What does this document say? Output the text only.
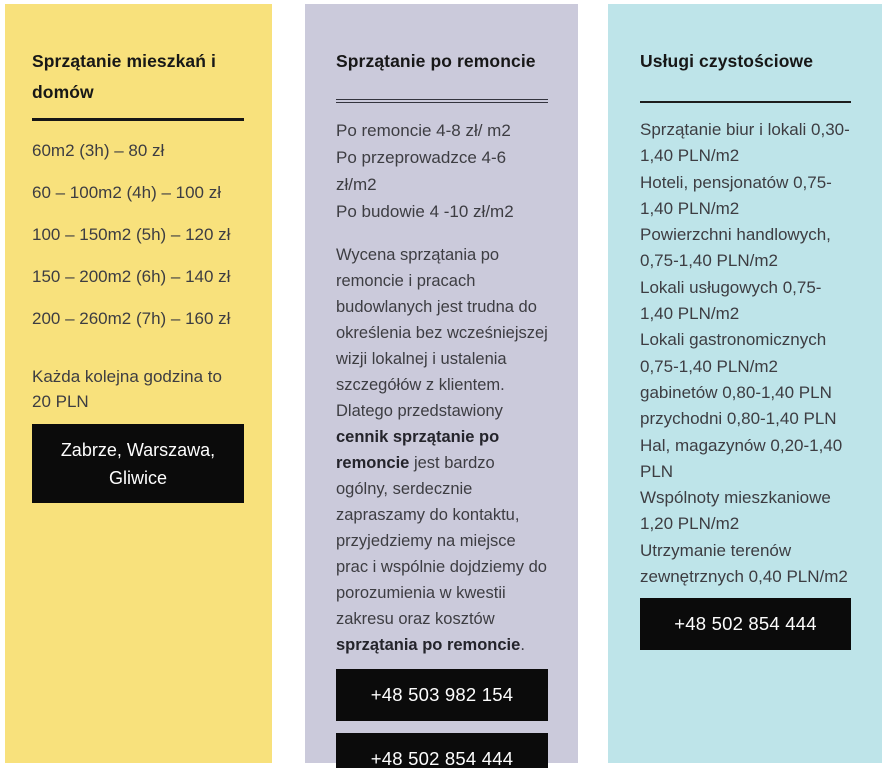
Sprzątanie mieszkań i domów
60m2 (3h) – 80 zł
60 – 100m2 (4h) – 100 zł
100 – 150m2 (5h) – 120 zł
150 – 200m2 (6h) – 140 zł
200 – 260m2 (7h) – 160 zł

Każda kolejna godzina to 20 PLN

Zabrze, Warszawa, Gliwice
Sprzątanie po remoncie
Po remoncie 4-8 zł/ m2
Po przeprowadzce 4-6 zł/m2
Po budowie 4 -10 zł/m2

Wycena sprzątania po remoncie i pracach budowlanych jest trudna do określenia bez wcześniejszej wizji lokalnej i ustalenia szczegółów z klientem. Dlatego przedstawiony cennik sprzątanie po remoncie jest bardzo ogólny, serdecznie zapraszamy do kontaktu, przyjedziemy na miejsce prac i wspólnie dojdziemy do porozumienia w kwestii zakresu oraz kosztów sprzątania po remoncie.

+48 503 982 154
+48 502 854 444
Usługi czystościowe
Sprzątanie biur i lokali 0,30-1,40 PLN/m2
Hoteli, pensjonatów 0,75-1,40 PLN/m2
Powierzchni handlowych, 0,75-1,40 PLN/m2
Lokali usługowych 0,75-1,40 PLN/m2
Lokali gastronomicznych 0,75-1,40 PLN/m2
gabinetów 0,80-1,40 PLN
przychodni 0,80-1,40 PLN
Hal, magazynów 0,20-1,40 PLN
Wspólnoty mieszkaniowe 1,20 PLN/m2
Utrzymanie terenów zewnętrznych 0,40 PLN/m2
+48 502 854 444
